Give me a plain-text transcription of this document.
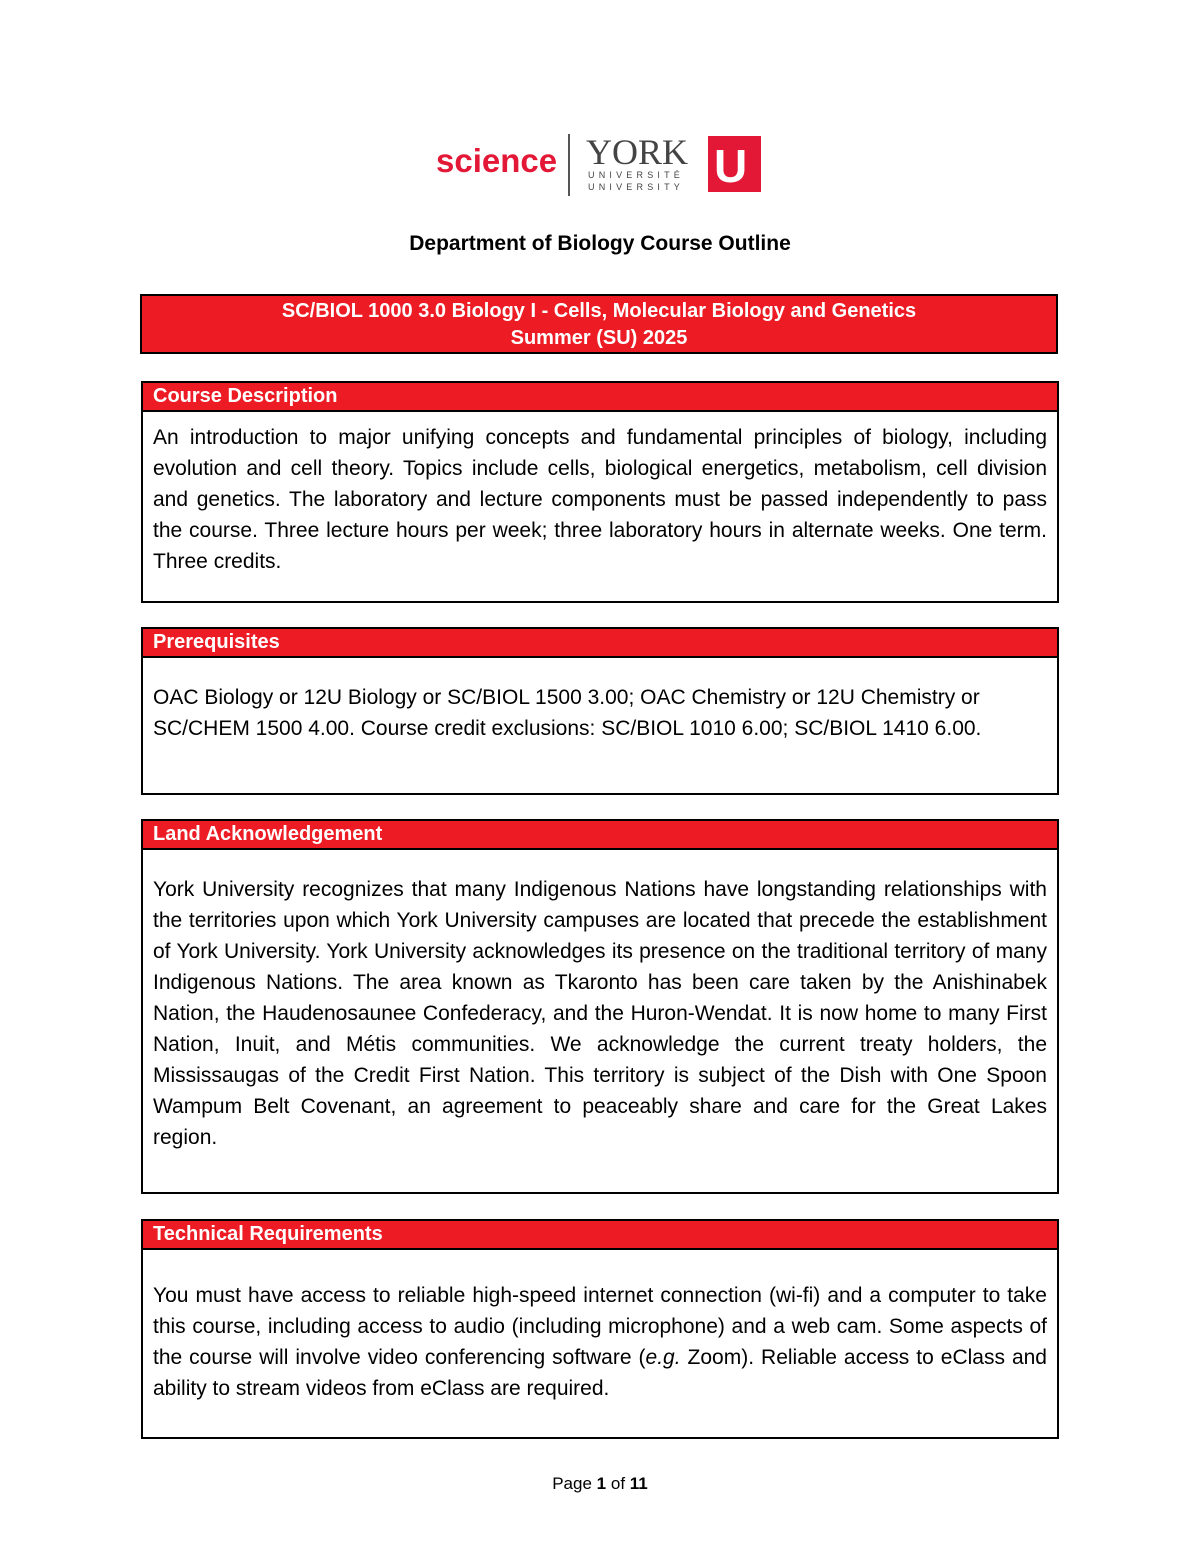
science YORK
UNIVERSITÉ
UNIVERSITY U
Department of Biology Course Outline
SC/BIOL 1000 3.0 Biology I - Cells, Molecular Biology and Genetics
Summer (SU) 2025
Course Description
An introduction to major unifying concepts and fundamental principles of biology, including evolution and cell theory. Topics include cells, biological energetics, metabolism, cell division and genetics. The laboratory and lecture components must be passed independently to pass the course. Three lecture hours per week; three laboratory hours in alternate weeks. One term. Three credits.
Prerequisites
OAC Biology or 12U Biology or SC/BIOL 1500 3.00; OAC Chemistry or 12U Chemistry or SC/CHEM 1500 4.00. Course credit exclusions: SC/BIOL 1010 6.00; SC/BIOL 1410 6.00.
Land Acknowledgement
York University recognizes that many Indigenous Nations have longstanding relationships with the territories upon which York University campuses are located that precede the establishment of York University. York University acknowledges its presence on the traditional territory of many Indigenous Nations. The area known as Tkaronto has been care taken by the Anishinabek Nation, the Haudenosaunee Confederacy, and the Huron-Wendat. It is now home to many First Nation, Inuit, and Métis communities. We acknowledge the current treaty holders, the Mississaugas of the Credit First Nation. This territory is subject of the Dish with One Spoon Wampum Belt Covenant, an agreement to peaceably share and care for the Great Lakes region.
Technical Requirements
You must have access to reliable high-speed internet connection (wi-fi) and a computer to take this course, including access to audio (including microphone) and a web cam. Some aspects of the course will involve video conferencing software (e.g. Zoom). Reliable access to eClass and ability to stream videos from eClass are required.
Page 1 of 11
